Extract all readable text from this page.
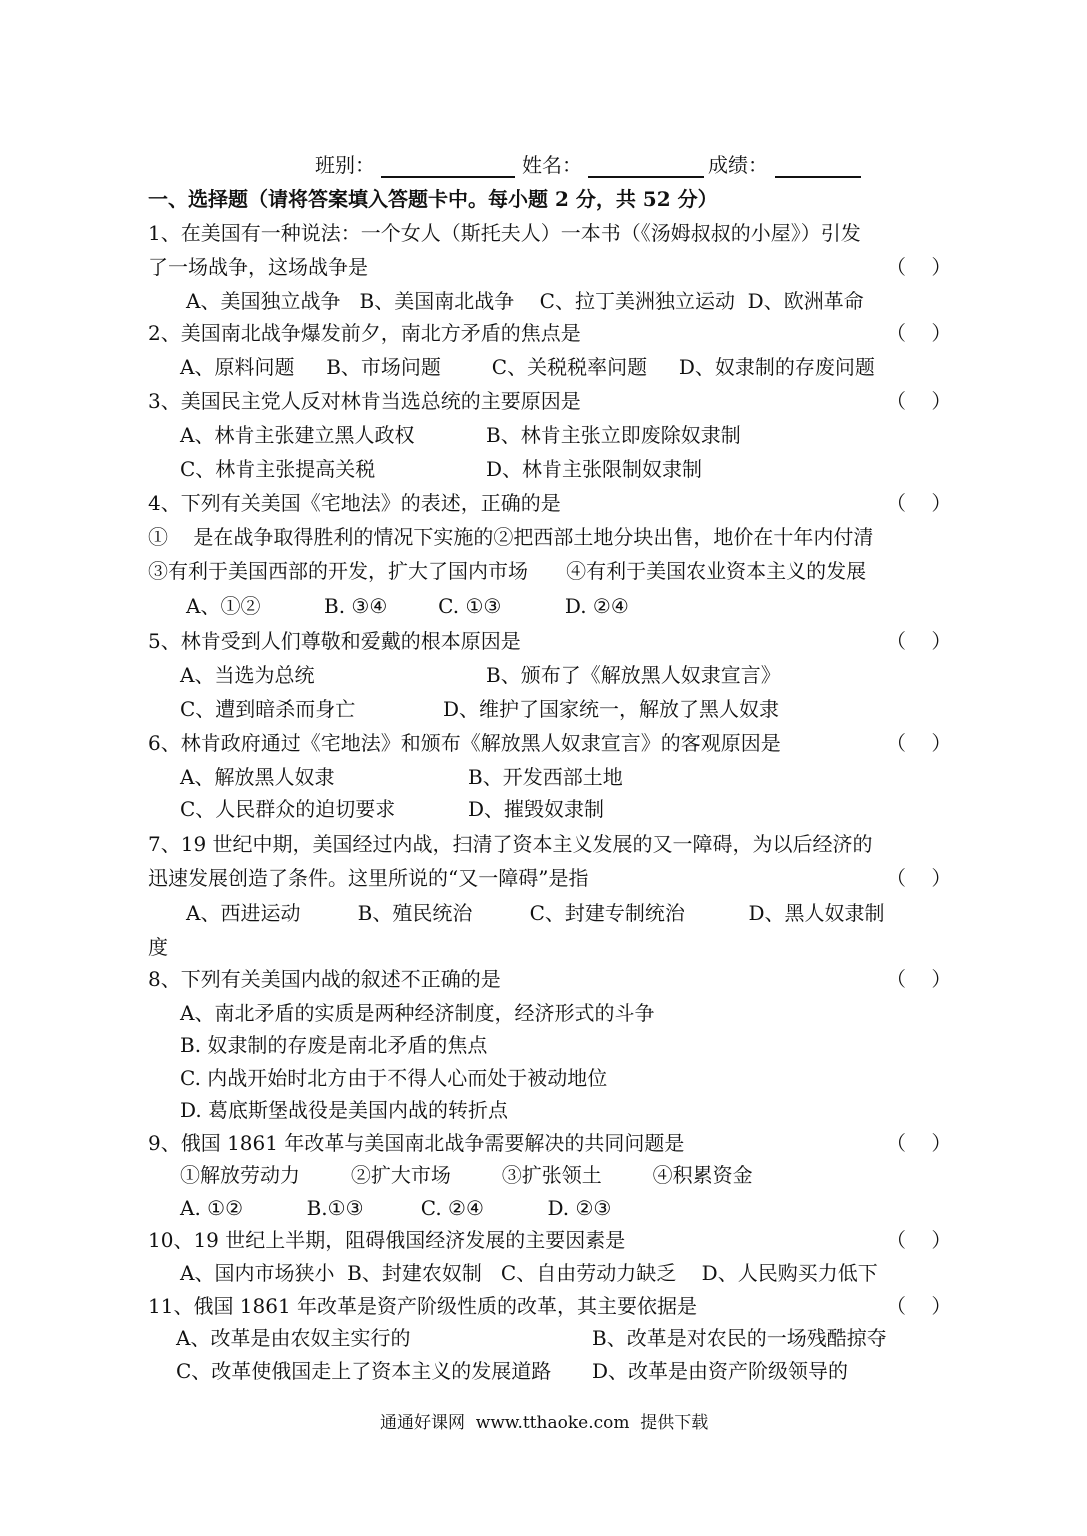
班别：	姓名：	成绩：
一、选择题（请将答案填入答题卡中。每小题 2 分，共 52 分）
1、在美国有一种说法：一个女人（斯托夫人）一本书（《汤姆叔叔的小屋》）引发
了一场战争，这场战争是	（    ）
A、美国独立战争   B、美国南北战争    C、拉丁美洲独立运动  D、欧洲革命
2、美国南北战争爆发前夕，南北方矛盾的焦点是	（    ）
A、原料问题     B、市场问题        C、关税税率问题     D、奴隶制的存废问题
3、美国民主党人反对林肯当选总统的主要原因是	（    ）
A、林肯主张建立黑人政权	B、林肯主张立即废除奴隶制
C、林肯主张提高关税	D、林肯主张限制奴隶制
4、下列有关美国《宅地法》的表述，正确的是	（    ）
①    是在战争取得胜利的情况下实施的②把西部土地分块出售，地价在十年内付清
③有利于美国西部的开发，扩大了国内市场      ④有利于美国农业资本主义的发展
A、①②          B. ③④        C. ①③          D. ②④
5、林肯受到人们尊敬和爱戴的根本原因是	（    ）
A、当选为总统	B、颁布了《解放黑人奴隶宣言》
C、遭到暗杀而身亡	D、维护了国家统一，解放了黑人奴隶
6、林肯政府通过《宅地法》和颁布《解放黑人奴隶宣言》的客观原因是	（    ）
A、解放黑人奴隶	B、开发西部土地
C、人民群众的迫切要求	D、摧毁奴隶制
7、19 世纪中期，美国经过内战，扫清了资本主义发展的又一障碍，为以后经济的
迅速发展创造了条件。这里所说的“又一障碍”是指	（    ）
A、西进运动         B、殖民统治         C、封建专制统治          D、黑人奴隶制
度
8、下列有关美国内战的叙述不正确的是	（    ）
A、南北矛盾的实质是两种经济制度，经济形式的斗争
B. 奴隶制的存废是南北矛盾的焦点
C. 内战开始时北方由于不得人心而处于被动地位
D. 葛底斯堡战役是美国内战的转折点
9、俄国 1861 年改革与美国南北战争需要解决的共同问题是	（    ）
①解放劳动力        ②扩大市场        ③扩张领土        ④积累资金
A. ①②          B.①③         C. ②④          D. ②③
10、19 世纪上半期，阻碍俄国经济发展的主要因素是	（    ）
A、国内市场狭小  B、封建农奴制   C、自由劳动力缺乏    D、人民购买力低下
11、俄国 1861 年改革是资产阶级性质的改革，其主要依据是	（    ）
A、改革是由农奴主实行的	B、改革是对农民的一场残酷掠夺
C、改革使俄国走上了资本主义的发展道路 D、改革是由资产阶级领导的
通通好课网  www.tthaoke.com  提供下载
